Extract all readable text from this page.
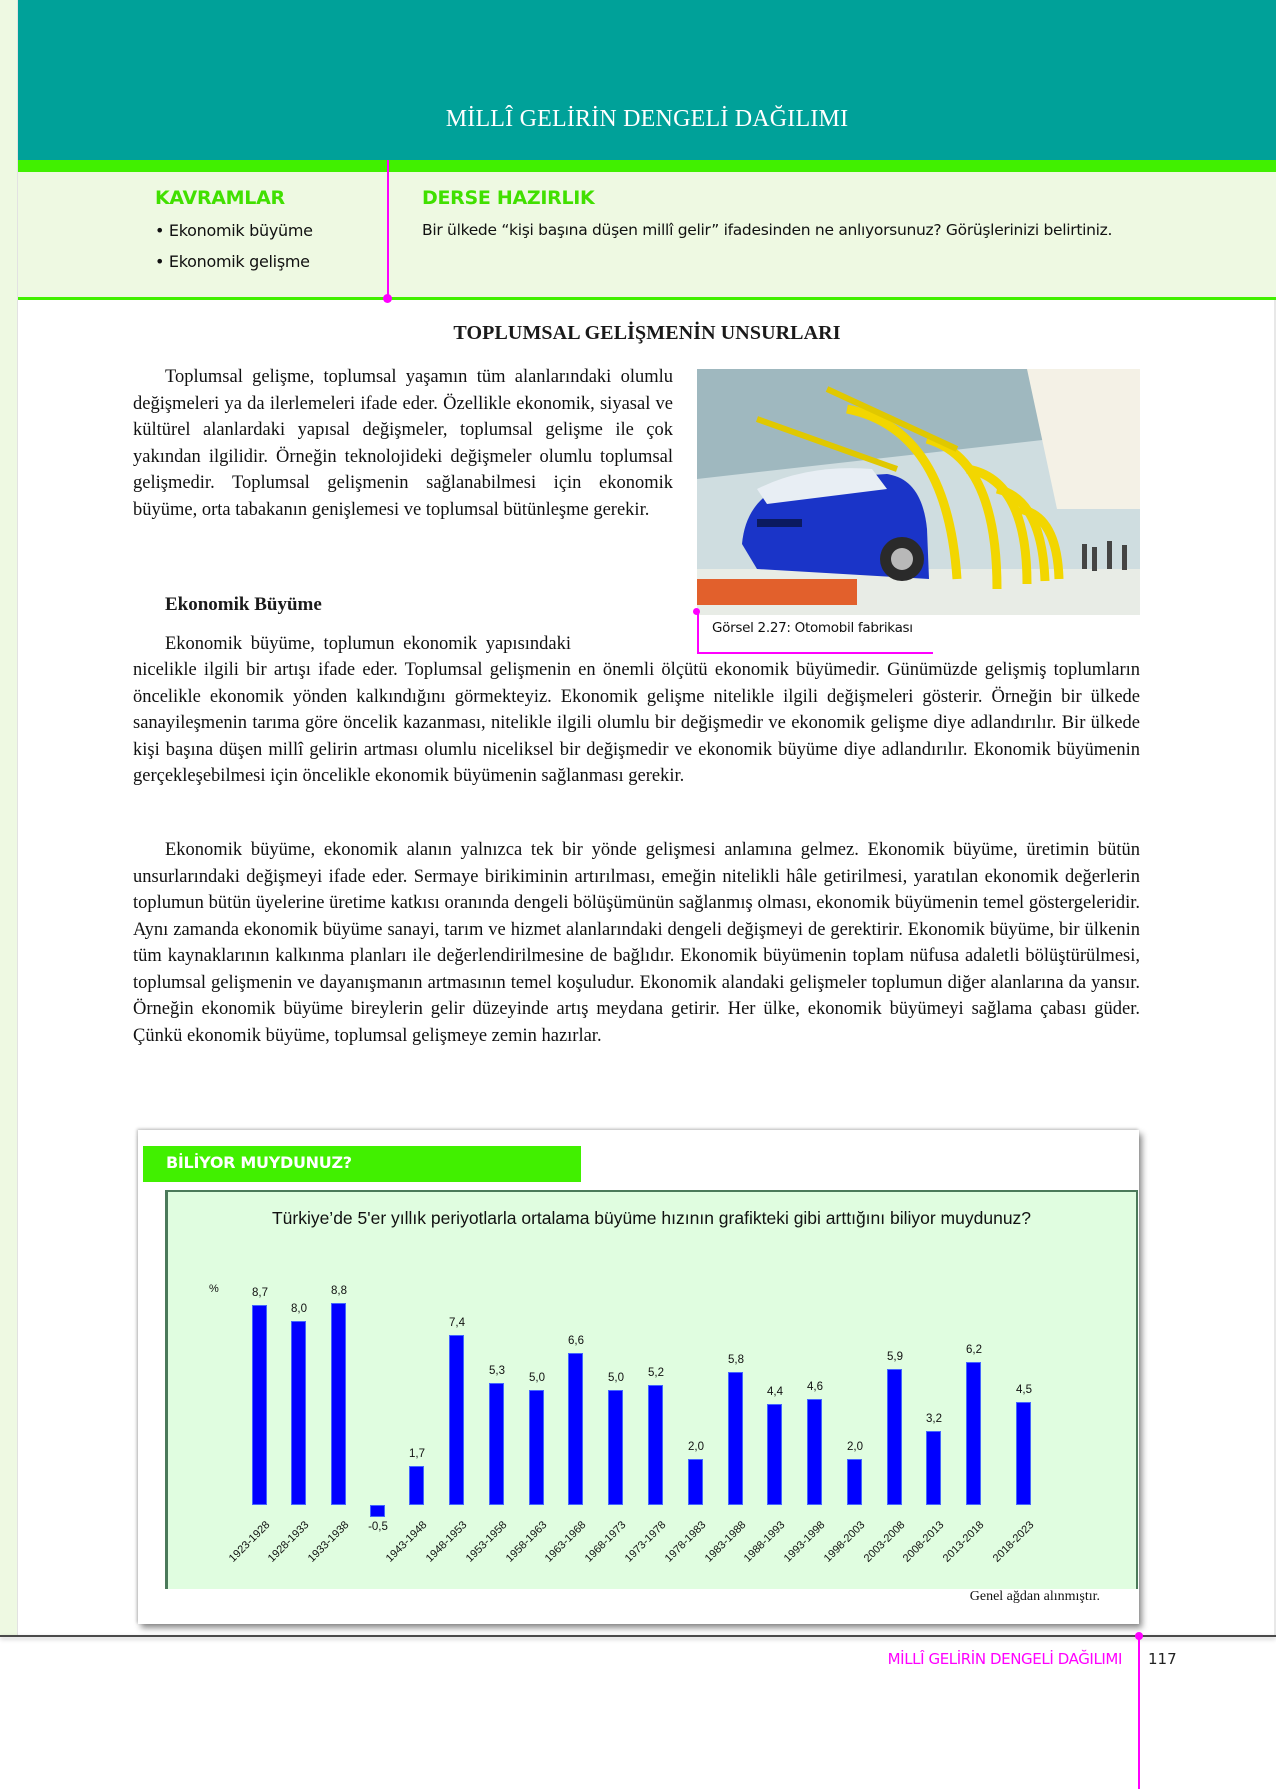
MİLLÎ GELİRİN DENGELİ DAĞILIMI
KAVRAMLAR
• Ekonomik büyüme
• Ekonomik gelişme
DERSE HAZIRLIK
Bir ülkede “kişi başına düşen millî gelir” ifadesinden ne anlıyorsunuz? Görüşlerinizi belirtiniz.
TOPLUMSAL GELİŞMENİN UNSURLARI
Toplumsal gelişme, toplumsal yaşamın tüm alanlarındaki olumlu değişmeleri ya da ilerlemeleri ifade eder. Özellikle ekonomik, siyasal ve kültürel alanlardaki yapısal değişmeler, toplumsal gelişme ile çok yakından ilgilidir. Örneğin teknolojideki değişmeler olumlu toplumsal gelişmedir. Toplumsal gelişmenin sağlanabilmesi için ekonomik büyüme, orta tabakanın genişlemesi ve toplumsal bütünleşme gerekir.
Ekonomik Büyüme
Ekonomik büyüme, toplumun ekonomik yapısındaki
nicelikle ilgili bir artışı ifade eder. Toplumsal gelişmenin en önemli ölçütü ekonomik büyümedir. Günümüzde gelişmiş toplumların öncelikle ekonomik yönden kalkındığını görmekteyiz. Ekonomik gelişme nitelikle ilgili değişmeleri gösterir. Örneğin bir ülkede sanayileşmenin tarıma göre öncelik kazanması, nitelikle ilgili olumlu bir değişmedir ve ekonomik gelişme diye adlandırılır. Bir ülkede kişi başına düşen millî gelirin artması olumlu niceliksel bir değişmedir ve ekonomik büyüme diye adlandırılır. Ekonomik büyümenin gerçekleşebilmesi için öncelikle ekonomik büyümenin sağlanması gerekir.
Ekonomik büyüme, ekonomik alanın yalnızca tek bir yönde gelişmesi anlamına gelmez. Ekonomik büyüme, üretimin bütün unsurlarındaki değişmeyi ifade eder. Sermaye birikiminin artırılması, emeğin nitelikli hâle getirilmesi, yaratılan ekonomik değerlerin toplumun bütün üyelerine üretime katkısı oranında dengeli bölüşümünün sağlanmış olması, ekonomik büyümenin temel göstergeleridir. Aynı zamanda ekonomik büyüme sanayi, tarım ve hizmet alanlarındaki dengeli değişmeyi de gerektirir. Ekonomik büyüme, bir ülkenin tüm kaynaklarının kalkınma planları ile değerlendirilmesine de bağlıdır. Ekonomik büyümenin toplam nüfusa adaletli bölüştürülmesi, toplumsal gelişmenin ve dayanışmanın artmasının temel koşuludur. Ekonomik alandaki gelişmeler toplumun diğer alanlarına da yansır. Örneğin ekonomik büyüme bireylerin gelir düzeyinde artış meydana getirir. Her ülke, ekonomik büyümeyi sağlama çabası güder. Çünkü ekonomik büyüme, toplumsal gelişmeye zemin hazırlar.
Görsel 2.27: Otomobil fabrikası
BİLİYOR MUYDUNUZ?
Türkiye’de 5'er yıllık periyotlarla ortalama büyüme hızının grafikteki gibi arttığını biliyor muydunuz?
%	8,7
1923-1928
8,0
1928-1933
8,8
1933-1938	-0,5
1,7
1943-1948
7,4
1948-1953
5,3
1953-1958
5,0
1958-1963
6,6
1963-1968
5,0
1968-1973
5,2
1973-1978
2,0
1978-1983
5,8
1983-1988
4,4
1988-1993
4,6
1993-1998
2,0
1998-2003
5,9
2003-2008
3,2
2008-2013
6,2
2013-2018
4,5
2018-2023
Genel ağdan alınmıştır.
MİLLÎ GELİRİN DENGELİ DAĞILIMI 117
